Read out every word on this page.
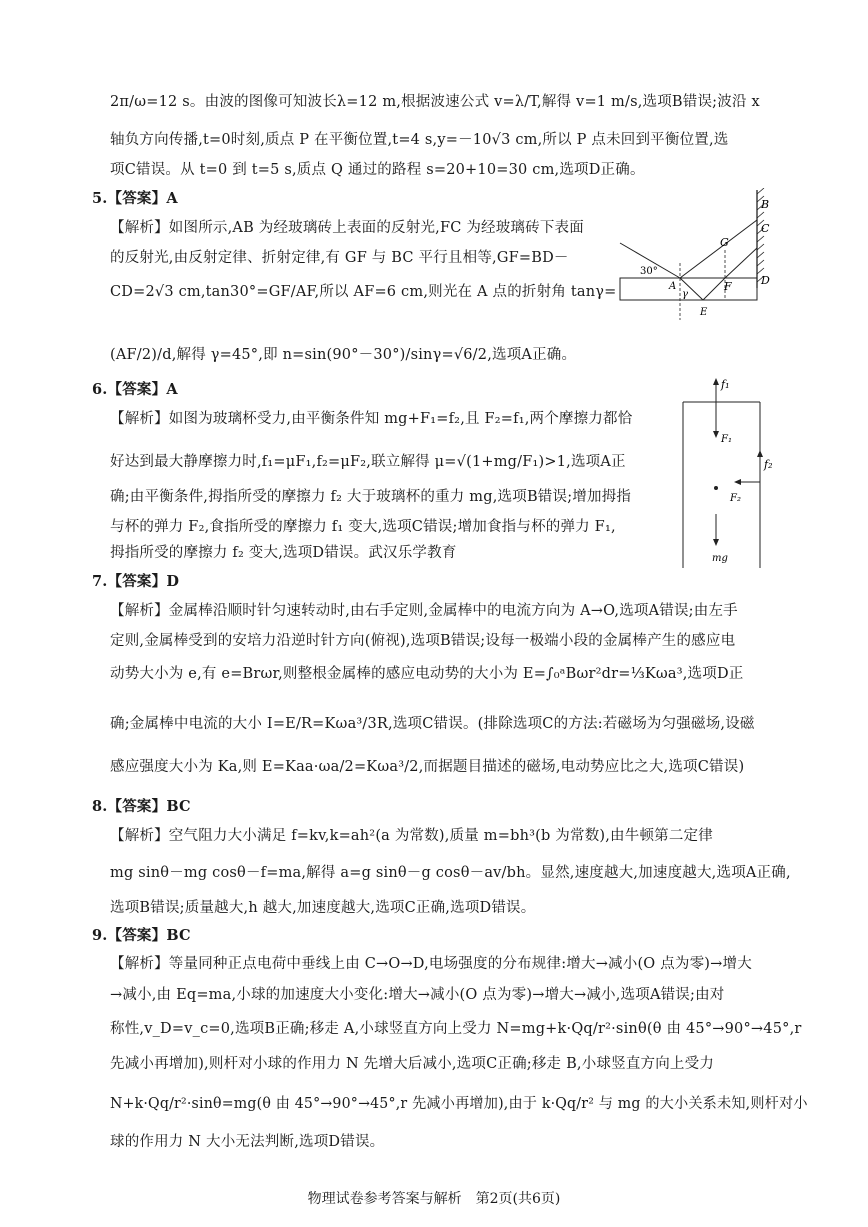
2π/ω=12 s。由波的图像可知波长λ=12 m,根据波速公式 v=λ/T,解得 v=1 m/s,选项B错误;波沿 x
轴负方向传播,t=0时刻,质点 P 在平衡位置,t=4 s,y=－10√3 cm,所以 P 点未回到平衡位置,选
项C错误。从 t=0 到 t=5 s,质点 Q 通过的路程 s=20+10=30 cm,选项D正确。
5.【答案】A
【解析】如图所示,AB 为经玻璃砖上表面的反射光,FC 为经玻璃砖下表面
的反射光,由反射定律、折射定律,有 GF 与 BC 平行且相等,GF=BD－
CD=2√3 cm,tan30°=GF/AF,所以 AF=6 cm,则光在 A 点的折射角 tanγ=
(AF/2)/d,解得 γ=45°,即 n=sin(90°－30°)/sinγ=√6/2,选项A正确。
B
C
G
D
30°
A
γ
F
E
6.【答案】A
【解析】如图为玻璃杯受力,由平衡条件知 mg+F₁=f₂,且 F₂=f₁,两个摩擦力都恰
好达到最大静摩擦力时,f₁=μF₁,f₂=μF₂,联立解得 μ=√(1+mg/F₁)>1,选项A正
确;由平衡条件,拇指所受的摩擦力 f₂ 大于玻璃杯的重力 mg,选项B错误;增加拇指
与杯的弹力 F₂,食指所受的摩擦力 f₁ 变大,选项C错误;增加食指与杯的弹力 F₁,
拇指所受的摩擦力 f₂ 变大,选项D错误。武汉乐学教育
f₁
F₁
f₂
F₂
mg
7.【答案】D
【解析】金属棒沿顺时针匀速转动时,由右手定则,金属棒中的电流方向为 A→O,选项A错误;由左手
定则,金属棒受到的安培力沿逆时针方向(俯视),选项B错误;设每一极端小段的金属棒产生的感应电
动势大小为 e,有 e=Brωr,则整根金属棒的感应电动势的大小为 E=∫₀ᵃBωr²dr=⅓Kωa³,选项D正
确;金属棒中电流的大小 I=E/R=Kωa³/3R,选项C错误。(排除选项C的方法:若磁场为匀强磁场,设磁
感应强度大小为 Ka,则 E=Kaa·ωa/2=Kωa³/2,而据题目描述的磁场,电动势应比之大,选项C错误)
8.【答案】BC
【解析】空气阻力大小满足 f=kv,k=ah²(a 为常数),质量 m=bh³(b 为常数),由牛顿第二定律
mg sinθ－mg cosθ－f=ma,解得 a=g sinθ－g cosθ－av/bh。显然,速度越大,加速度越大,选项A正确,
选项B错误;质量越大,h 越大,加速度越大,选项C正确,选项D错误。
9.【答案】BC
【解析】等量同种正点电荷中垂线上由 C→O→D,电场强度的分布规律:增大→减小(O 点为零)→增大
→减小,由 Eq=ma,小球的加速度大小变化:增大→减小(O 点为零)→增大→减小,选项A错误;由对
称性,v_D=v_c=0,选项B正确;移走 A,小球竖直方向上受力 N=mg+k·Qq/r²·sinθ(θ 由 45°→90°→45°,r
先减小再增加),则杆对小球的作用力 N 先增大后减小,选项C正确;移走 B,小球竖直方向上受力
N+k·Qq/r²·sinθ=mg(θ 由 45°→90°→45°,r 先减小再增加),由于 k·Qq/r² 与 mg 的大小关系未知,则杆对小
球的作用力 N 大小无法判断,选项D错误。
物理试卷参考答案与解析　第2页(共6页)
